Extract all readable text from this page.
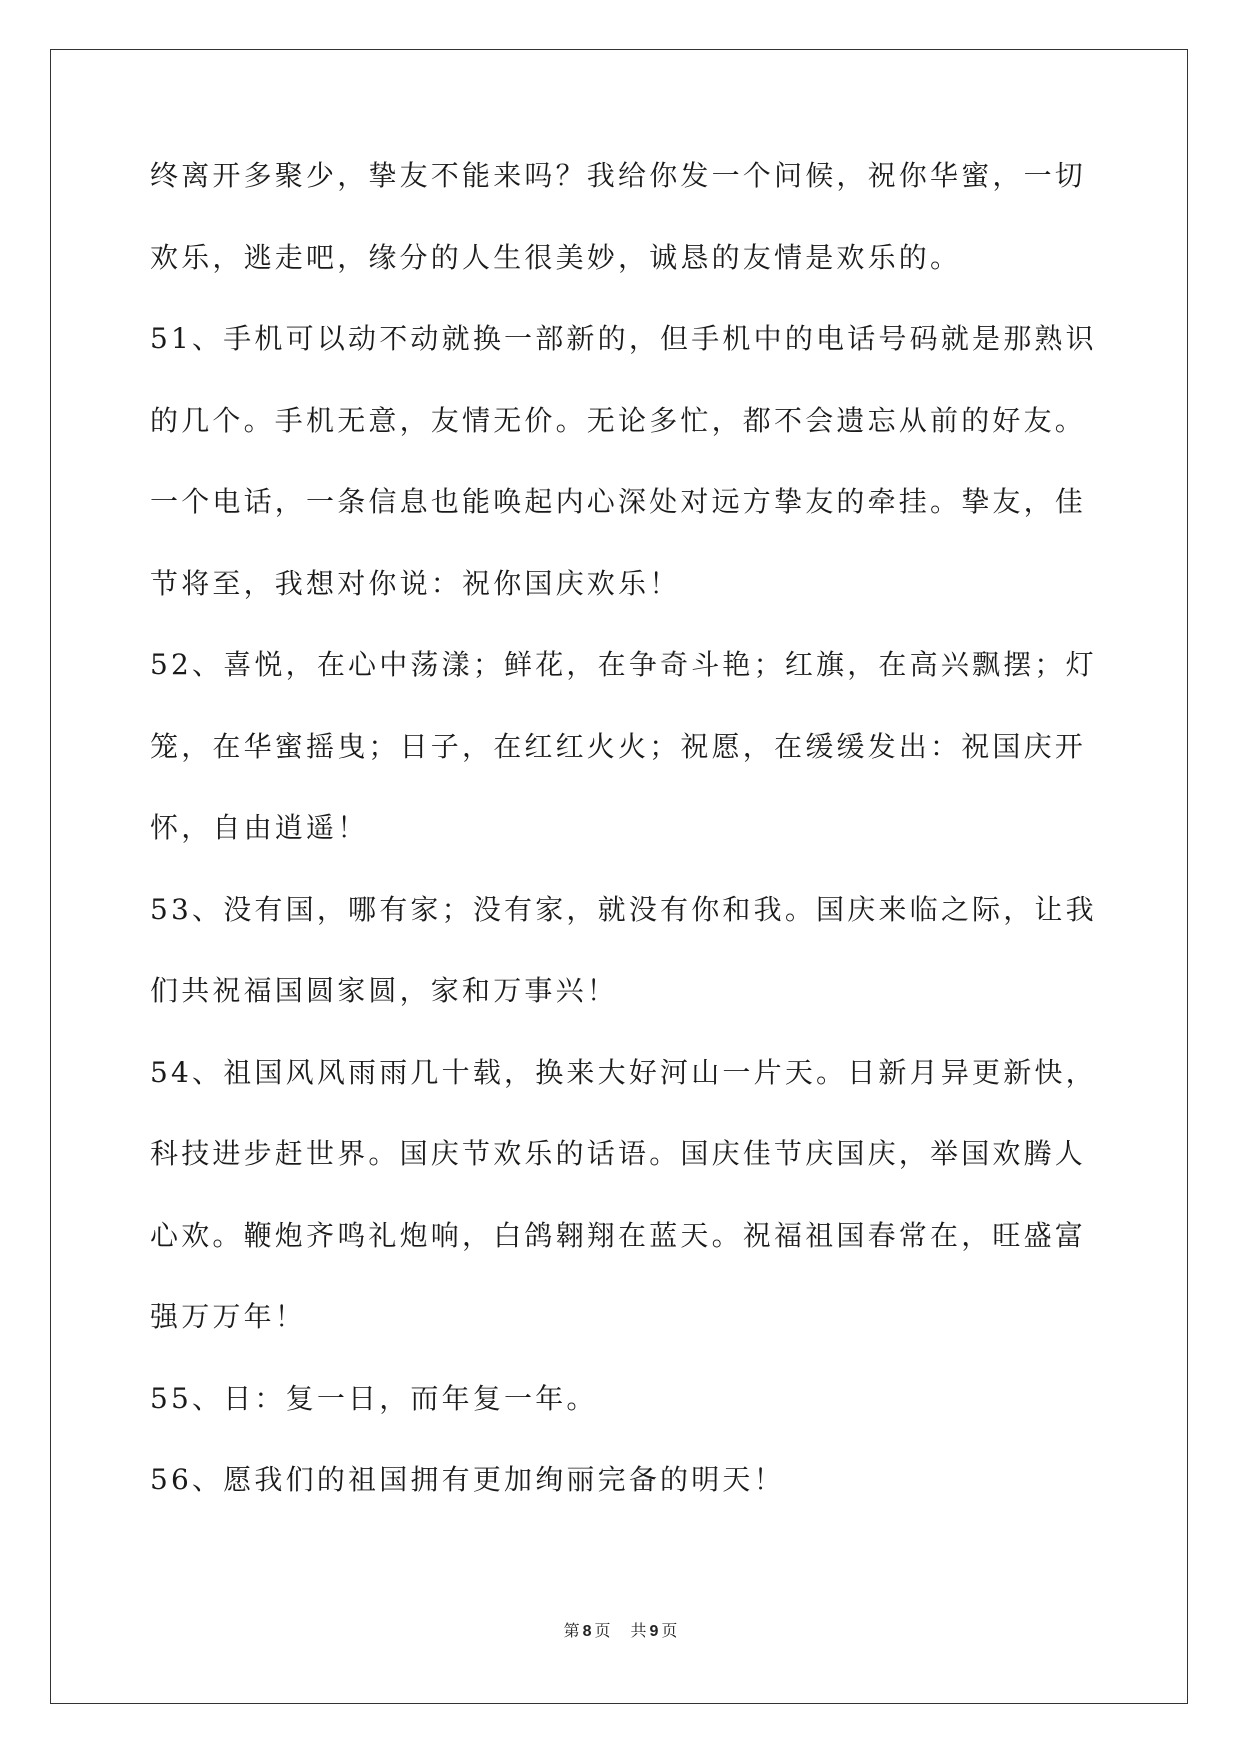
终离开多聚少，挚友不能来吗？我给你发一个问候，祝你华蜜，一切
欢乐，逃走吧，缘分的人生很美妙，诚恳的友情是欢乐的。
51、手机可以动不动就换一部新的，但手机中的电话号码就是那熟识
的几个。手机无意，友情无价。无论多忙，都不会遗忘从前的好友。
一个电话，一条信息也能唤起内心深处对远方挚友的牵挂。挚友，佳
节将至，我想对你说：祝你国庆欢乐！
52、喜悦，在心中荡漾；鲜花，在争奇斗艳；红旗，在高兴飘摆；灯
笼，在华蜜摇曳；日子，在红红火火；祝愿，在缓缓发出：祝国庆开
怀，自由逍遥！
53、没有国，哪有家；没有家，就没有你和我。国庆来临之际，让我
们共祝福国圆家圆，家和万事兴！
54、祖国风风雨雨几十载，换来大好河山一片天。日新月异更新快，
科技进步赶世界。国庆节欢乐的话语。国庆佳节庆国庆，举国欢腾人
心欢。鞭炮齐鸣礼炮响，白鸽翱翔在蓝天。祝福祖国春常在，旺盛富
强万万年！
55、日：复一日，而年复一年。
56、愿我们的祖国拥有更加绚丽完备的明天！
第 8 页 共 9 页
